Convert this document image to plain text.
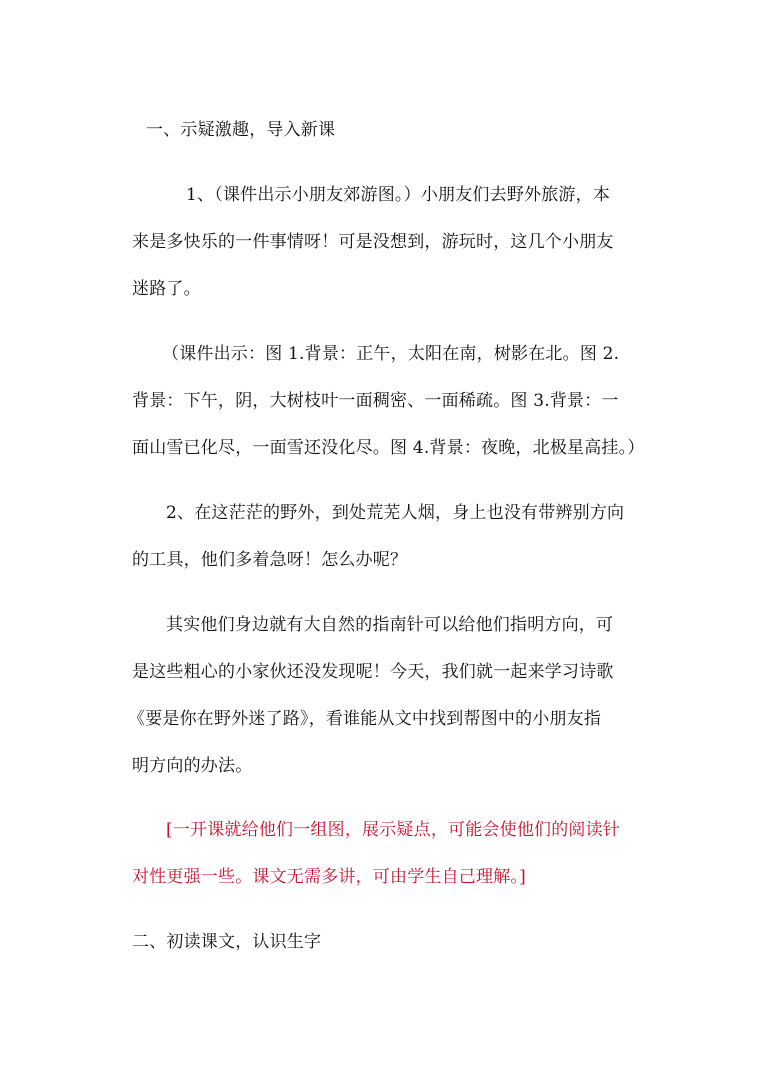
一、示疑激趣，导入新课
1、（课件出示小朋友郊游图。）小朋友们去野外旅游，本
来是多快乐的一件事情呀！可是没想到，游玩时，这几个小朋友
迷路了。
（课件出示：图 1.背景：正午，太阳在南，树影在北。图 2.
背景：下午，阴，大树枝叶一面稠密、一面稀疏。图 3.背景：一
面山雪已化尽，一面雪还没化尽。图 4.背景：夜晚，北极星高挂。）
2、在这茫茫的野外，到处荒芜人烟，身上也没有带辨别方向
的工具，他们多着急呀！怎么办呢？
其实他们身边就有大自然的指南针可以给他们指明方向，可
是这些粗心的小家伙还没发现呢！今天，我们就一起来学习诗歌
《要是你在野外迷了路》，看谁能从文中找到帮图中的小朋友指
明方向的办法。
[一开课就给他们一组图，展示疑点，可能会使他们的阅读针
对性更强一些。课文无需多讲，可由学生自己理解。]
二、初读课文，认识生字
